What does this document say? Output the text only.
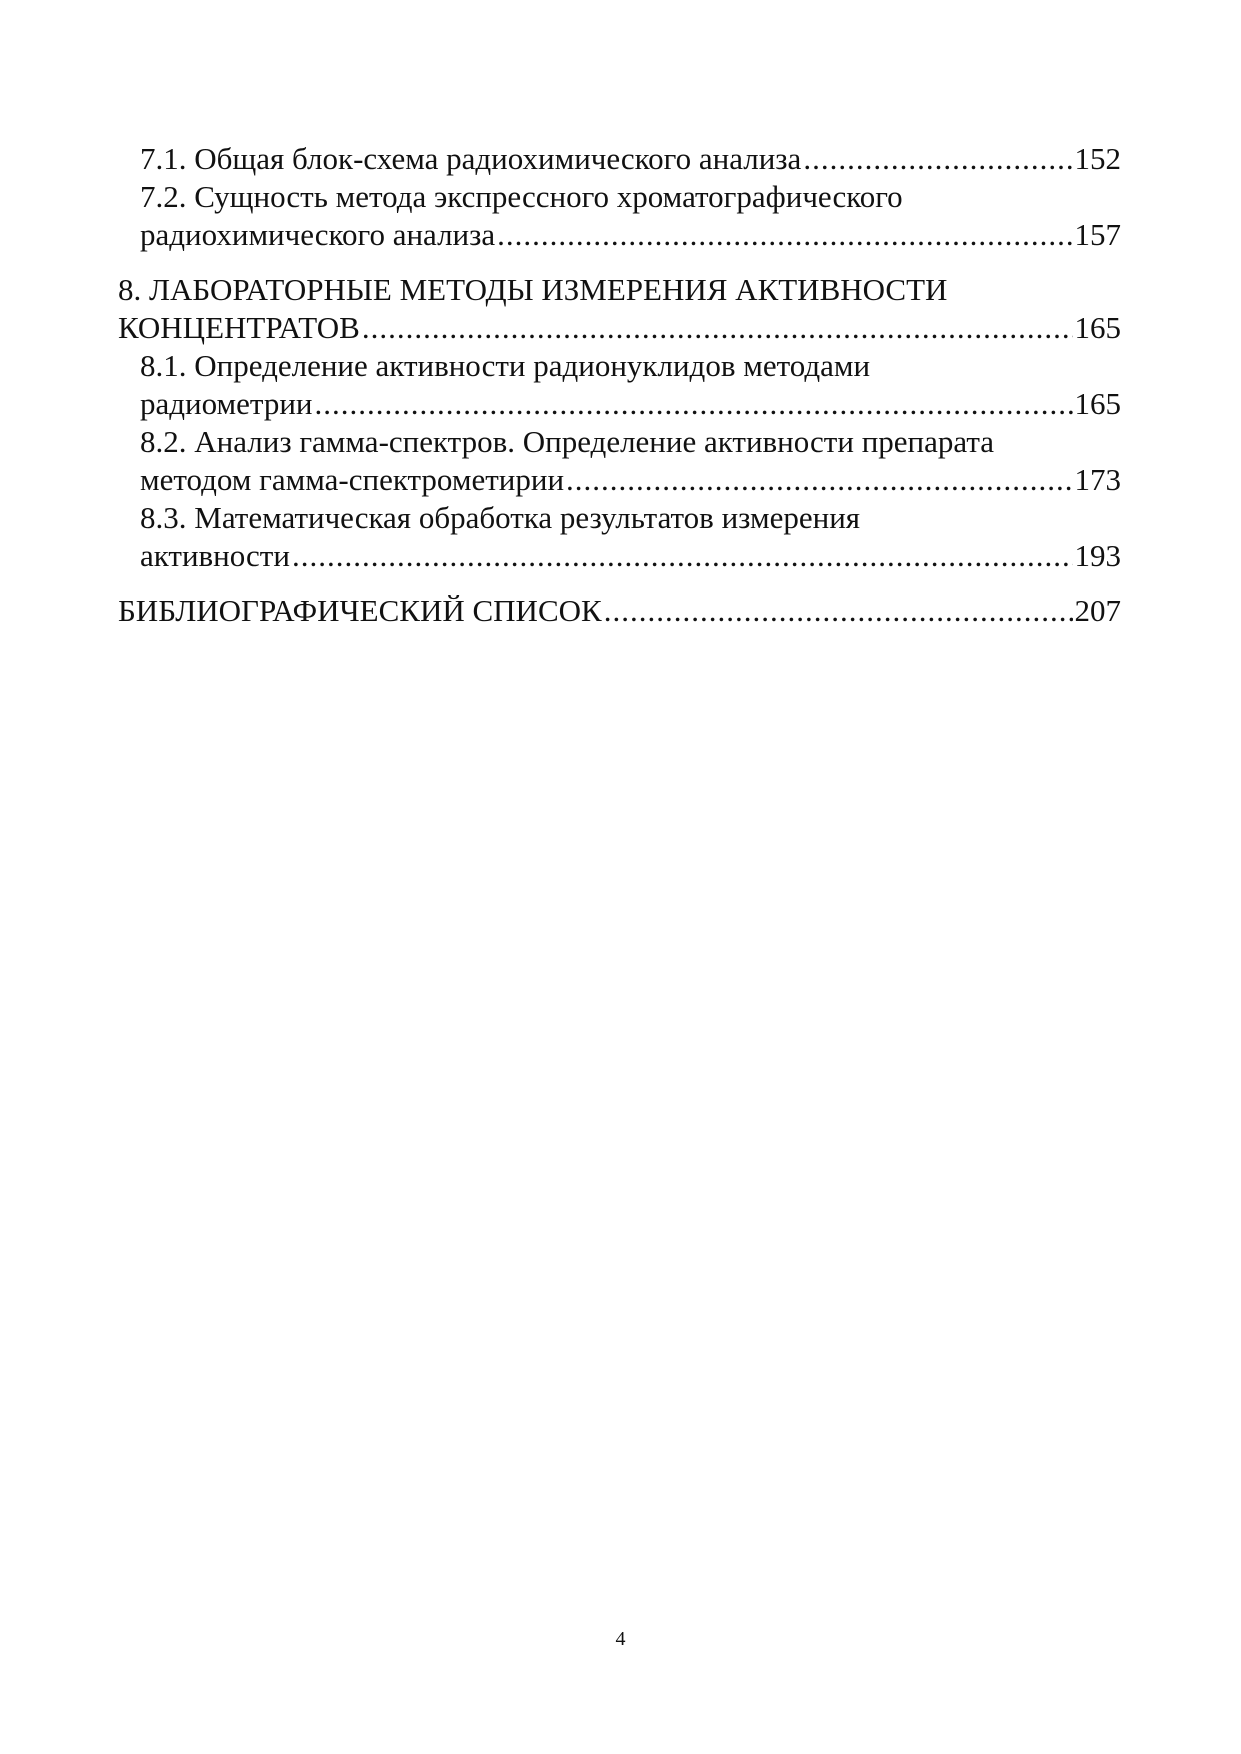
7.1. Общая блок-схема радиохимического анализа .....	152
7.2. Сущность метода экспрессного хроматографического
радиохимического анализа .....	157
8. ЛАБОРАТОРНЫЕ МЕТОДЫ ИЗМЕРЕНИЯ АКТИВНОСТИ
КОНЦЕНТРАТОВ .....	165
8.1. Определение активности радионуклидов методами
радиометрии .....	165
8.2. Анализ гамма-спектров. Определение активности препарата
методом гамма-спектрометирии .....	173
8.3. Математическая обработка результатов измерения
активности .....	193
БИБЛИОГРАФИЧЕСКИЙ СПИСОК .....	207
4
